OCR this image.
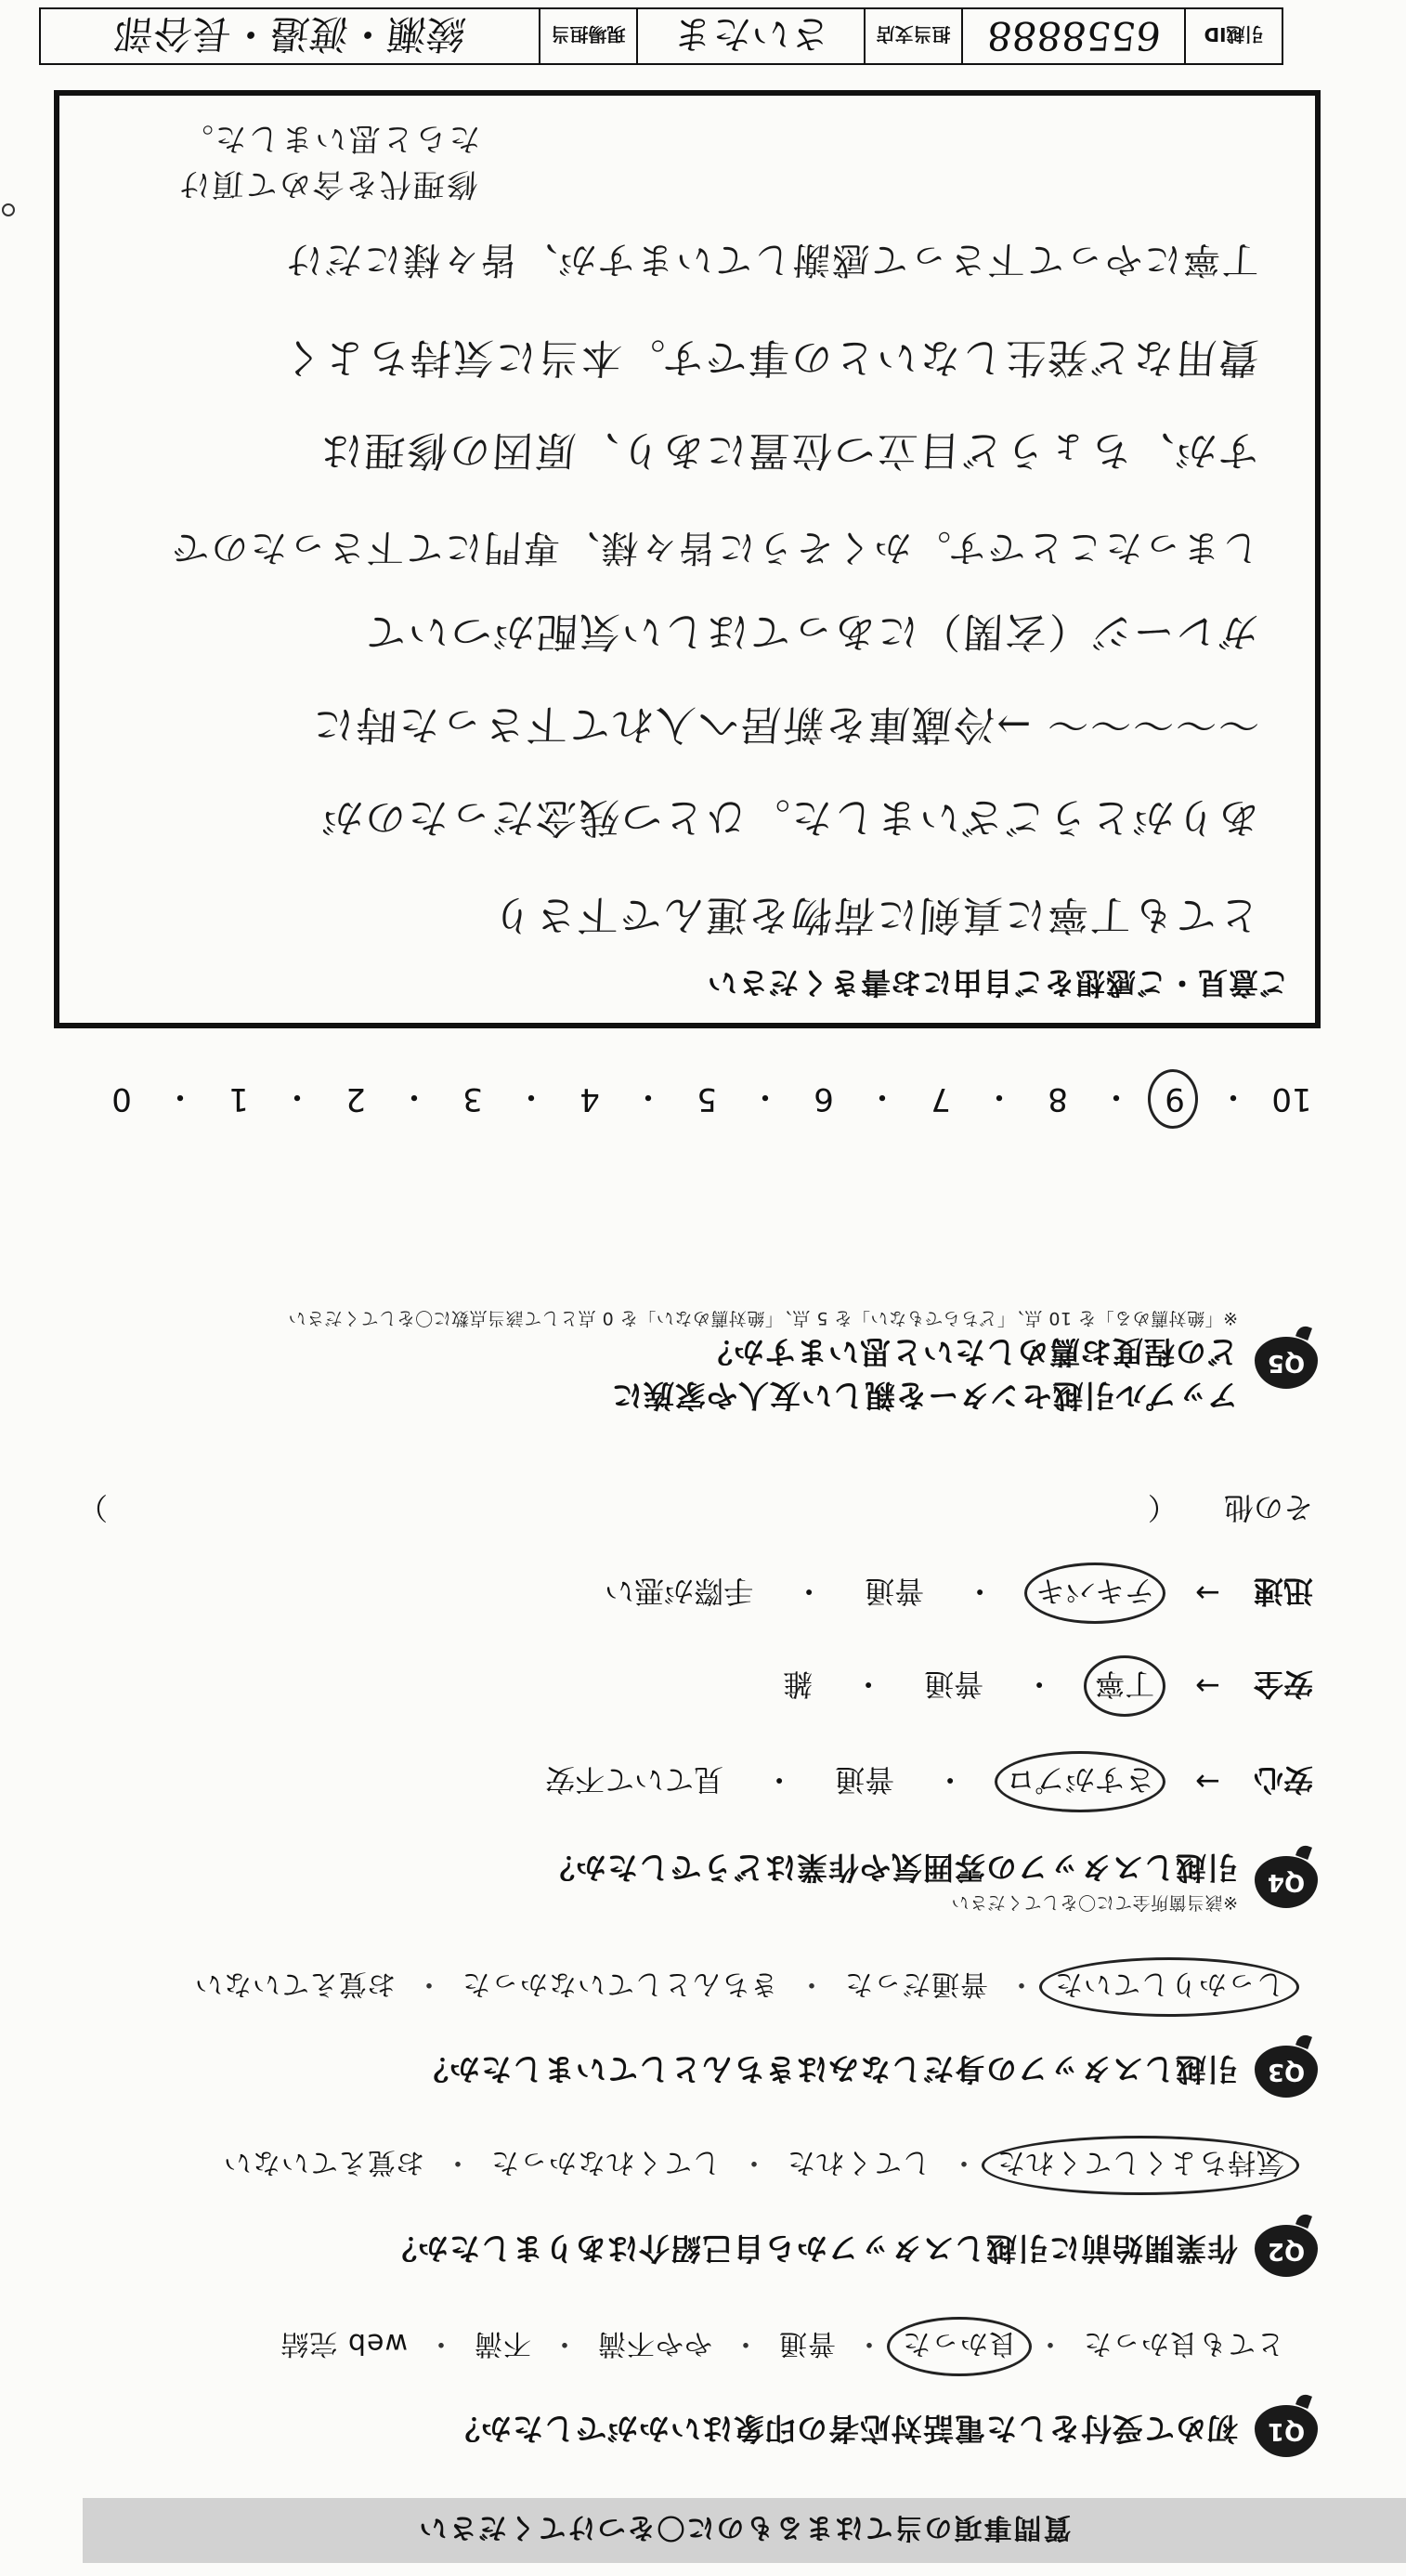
質問事項の当てはまるものに〇をつけてください
Q1
初めて受付をした電話対応者の印象はいかがでしたか？
とても良かった
・
良かった
・
普通
・
やや不満
・
不満
・
web 完結
Q2
作業開始前に引越しスタッフから自己紹介はありましたか？
気持ちよくしてくれた
・
してくれた
・
してくれなかった
・
お覚えていない
Q3
引越しスタッフの身だしなみはきちんとしていましたか？
しっかりしていた
・
普通だった
・
きちんとしていなかった
・
お覚えていない
Q4
※該当箇所全てに〇をしてください
引越しスタッフの雰囲気や作業はどうでしたか？
安心
→
さすがプロ
・
普通
・
見ていて不安
安全
→
丁寧
・
普通
・
雑
迅速
→
テキパキ
・
普通
・
手際が悪い
その他 （
）
Q5
アップル引越センターを親しい友人や家族に
どの程度お薦めしたいと思いますか？
※「絶対薦める」を 10 点、「どちらでもない」を 5 点、「絶対薦めない」を 0 点として該当点数に〇をしてください
10
・
9
・
8
・
7
・
6
・
5
・
4
・
3
・
2
・
1
・
0
ご意見・ご感想をご自由にお書きください
とても丁寧に真剣に荷物を運んで下さり
ありがとうございました。ひとつ残念だったのが
〜〜〜〜〜 →冷蔵庫を新居へ入れて下さった時に
ガレージ（玄関）にあってほしい気配がついて
しまったことです。かくそうに皆々様、専門にて下さったので
すが、ちょうど目立つ位置にあり、原因の修理は
費用など発生しないとの事です。本当に気持ちよく
丁寧にやって下さって感謝していますが、皆々様にだけ
修理代を含めて頂けたらと思いました。
引越ID
6558888
担当支店
さいたま
現場担当
綾瀬・渡邉・長谷部
